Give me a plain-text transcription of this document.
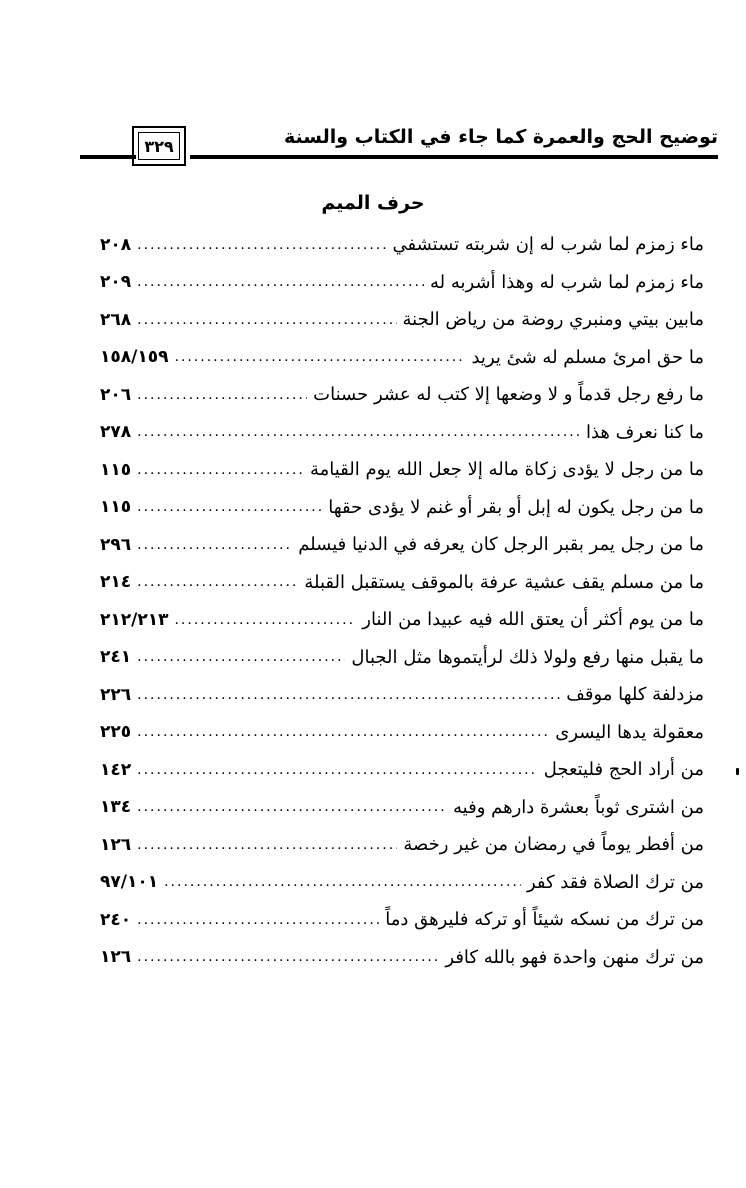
٣٢٩	توضيح الحج والعمرة كما جاء في الكتاب والسنة
حرف الميم
ماء زمزم لما شرب له إن شربته تستشفي
.....
٢٠٨
ماء زمزم لما شرب له وهذا أشربه له
.....
٢٠٩
مابين بيتي ومنبري روضة من رياض الجنة
.....
٢٦٨
ما حق امرئ مسلم له شئ يريد
.....
١٥٨/١٥٩
ما رفع رجل قدماً و لا وضعها إلا كتب له عشر حسنات
.....
٢٠٦
ما كنا نعرف هذا
.....
٢٧٨
ما من رجل لا يؤدى زكاة ماله إلا جعل الله يوم القيامة
.....
١١٥
ما من رجل يكون له إبل أو بقر أو غنم لا يؤدى حقها
.....
١١٥
ما من رجل يمر بقبر الرجل كان يعرفه في الدنيا فيسلم
.....
٢٩٦
ما من مسلم يقف عشية عرفة بالموقف يستقبل القبلة
.....
٢١٤
ما من يوم أكثر أن يعتق الله فيه عبيدا من النار
.....
٢١٢/٢١٣
ما يقبل منها رفع ولولا ذلك لرأيتموها مثل الجبال
.....
٢٤١
مزدلفة كلها موقف
.....
٢٢٦
معقولة يدها اليسرى
.....
٢٢٥
من أراد الحج فليتعجل
.....
١٤٢
من اشترى ثوباً بعشرة دارهم وفيه
.....
١٣٤
من أفطر يوماً في رمضان من غير رخصة
.....
١٢٦
من ترك الصلاة فقد كفر
.....
٩٧/١٠١
من ترك من نسكه شيئاً أو تركه فليرهق دماً
.....
٢٤٠
من ترك منهن واحدة فهو بالله كافر
.....
١٢٦
